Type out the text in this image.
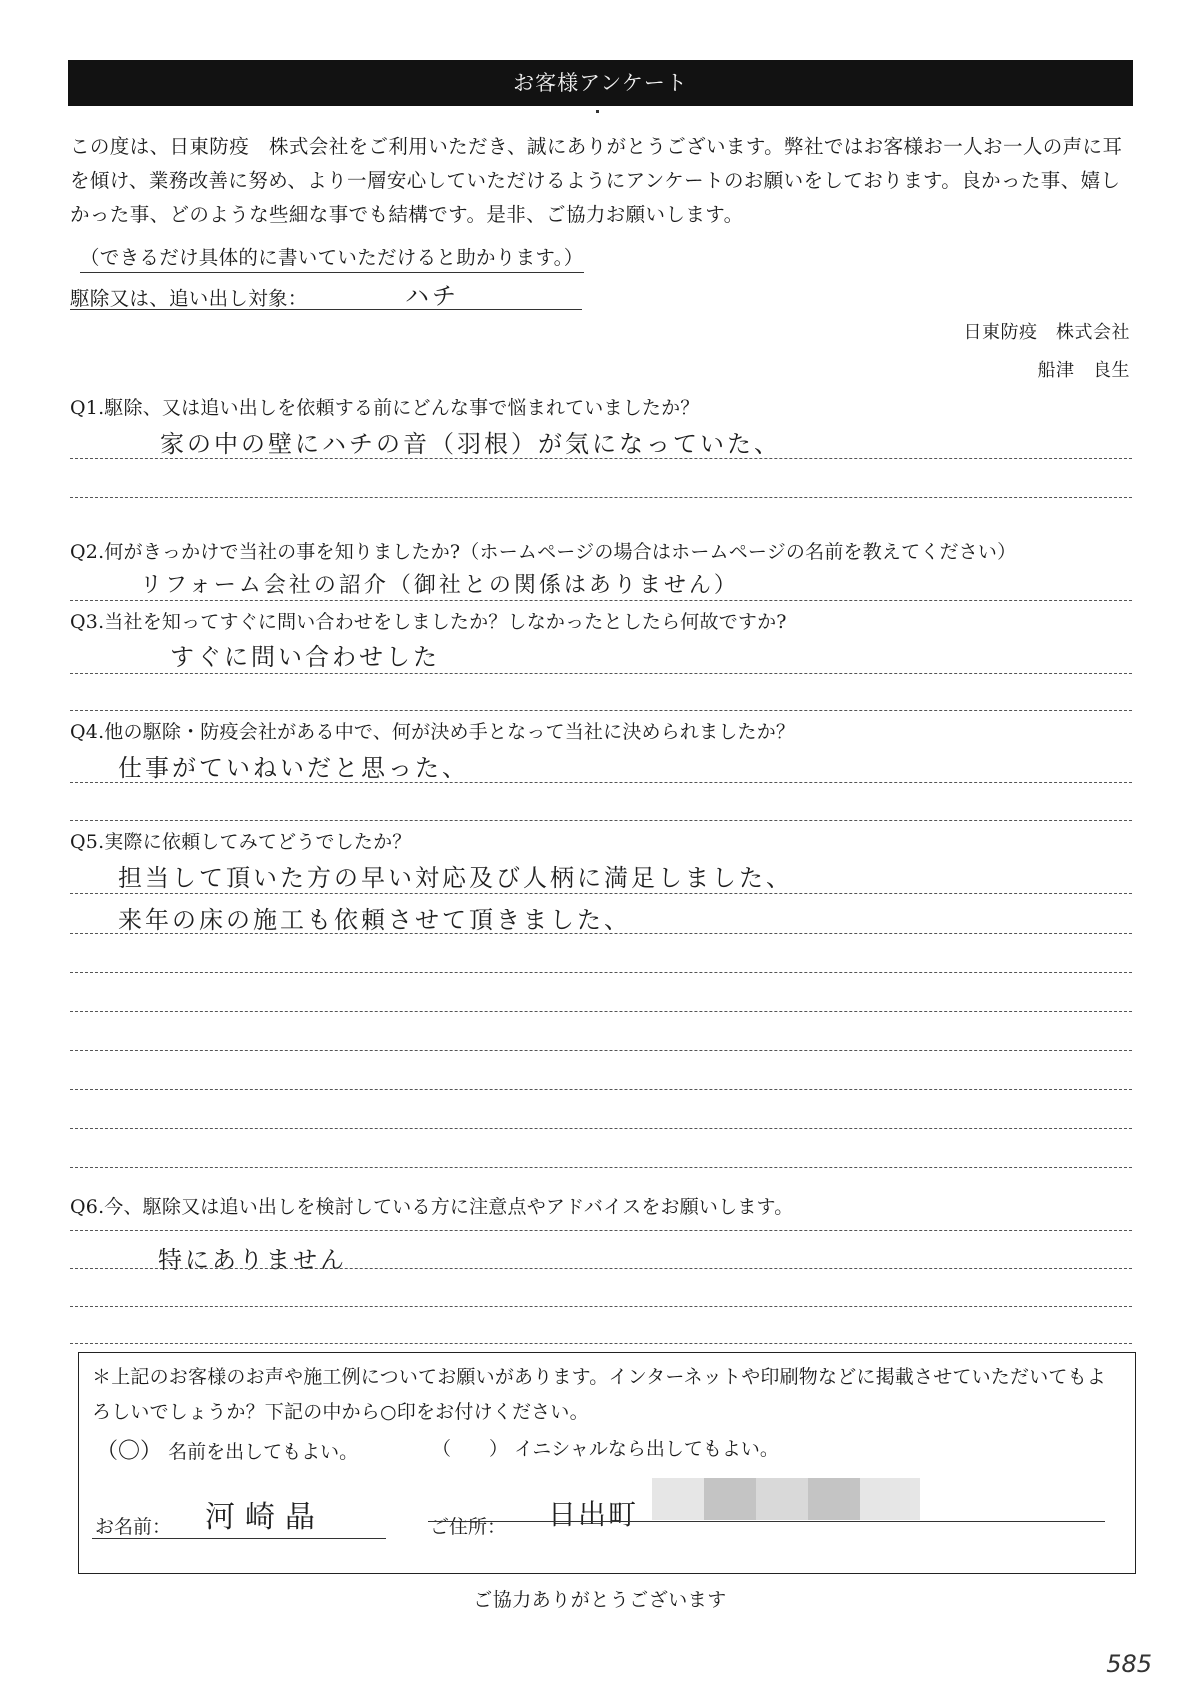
お客様アンケート
この度は、日東防疫　株式会社をご利用いただき、誠にありがとうございます。弊社ではお客様お一人お一人の声に耳を傾け、業務改善に努め、より一層安心していただけるようにアンケートのお願いをしております。良かった事、嬉しかった事、どのような些細な事でも結構です。是非、ご協力お願いします。
（できるだけ具体的に書いていただけると助かります。）
駆除又は、追い出し対象：	ハチ
日東防疫　株式会社
船津　良生
Q1.駆除、又は追い出しを依頼する前にどんな事で悩まれていましたか？
家の中の壁にハチの音（羽根）が気になっていた、
Q2.何がきっかけで当社の事を知りましたか?（ホームページの場合はホームページの名前を教えてください）
リフォーム会社の詔介（御社との関係はありません）
Q3.当社を知ってすぐに問い合わせをしましたか？しなかったとしたら何故ですか?
すぐに問い合わせした
Q4.他の駆除・防疫会社がある中で、何が決め手となって当社に決められましたか？
仕事がていねいだと思った、
Q5.実際に依頼してみてどうでしたか？
担当して頂いた方の早い対応及び人柄に満足しました、
来年の床の施工も依頼させて頂きました、
Q6.今、駆除又は追い出しを検討している方に注意点やアドバイスをお願いします。
特にありません
＊上記のお客様のお声や施工例についてお願いがあります。インターネットや印刷物などに掲載させていただいてもよろしいでしょうか？下記の中から○印をお付けください。
（〇） 名前を出してもよい。	（　　） イニシャルなら出してもよい。
お名前： 河崎晶	ご住所： 日出町
ご協力ありがとうございます
585
